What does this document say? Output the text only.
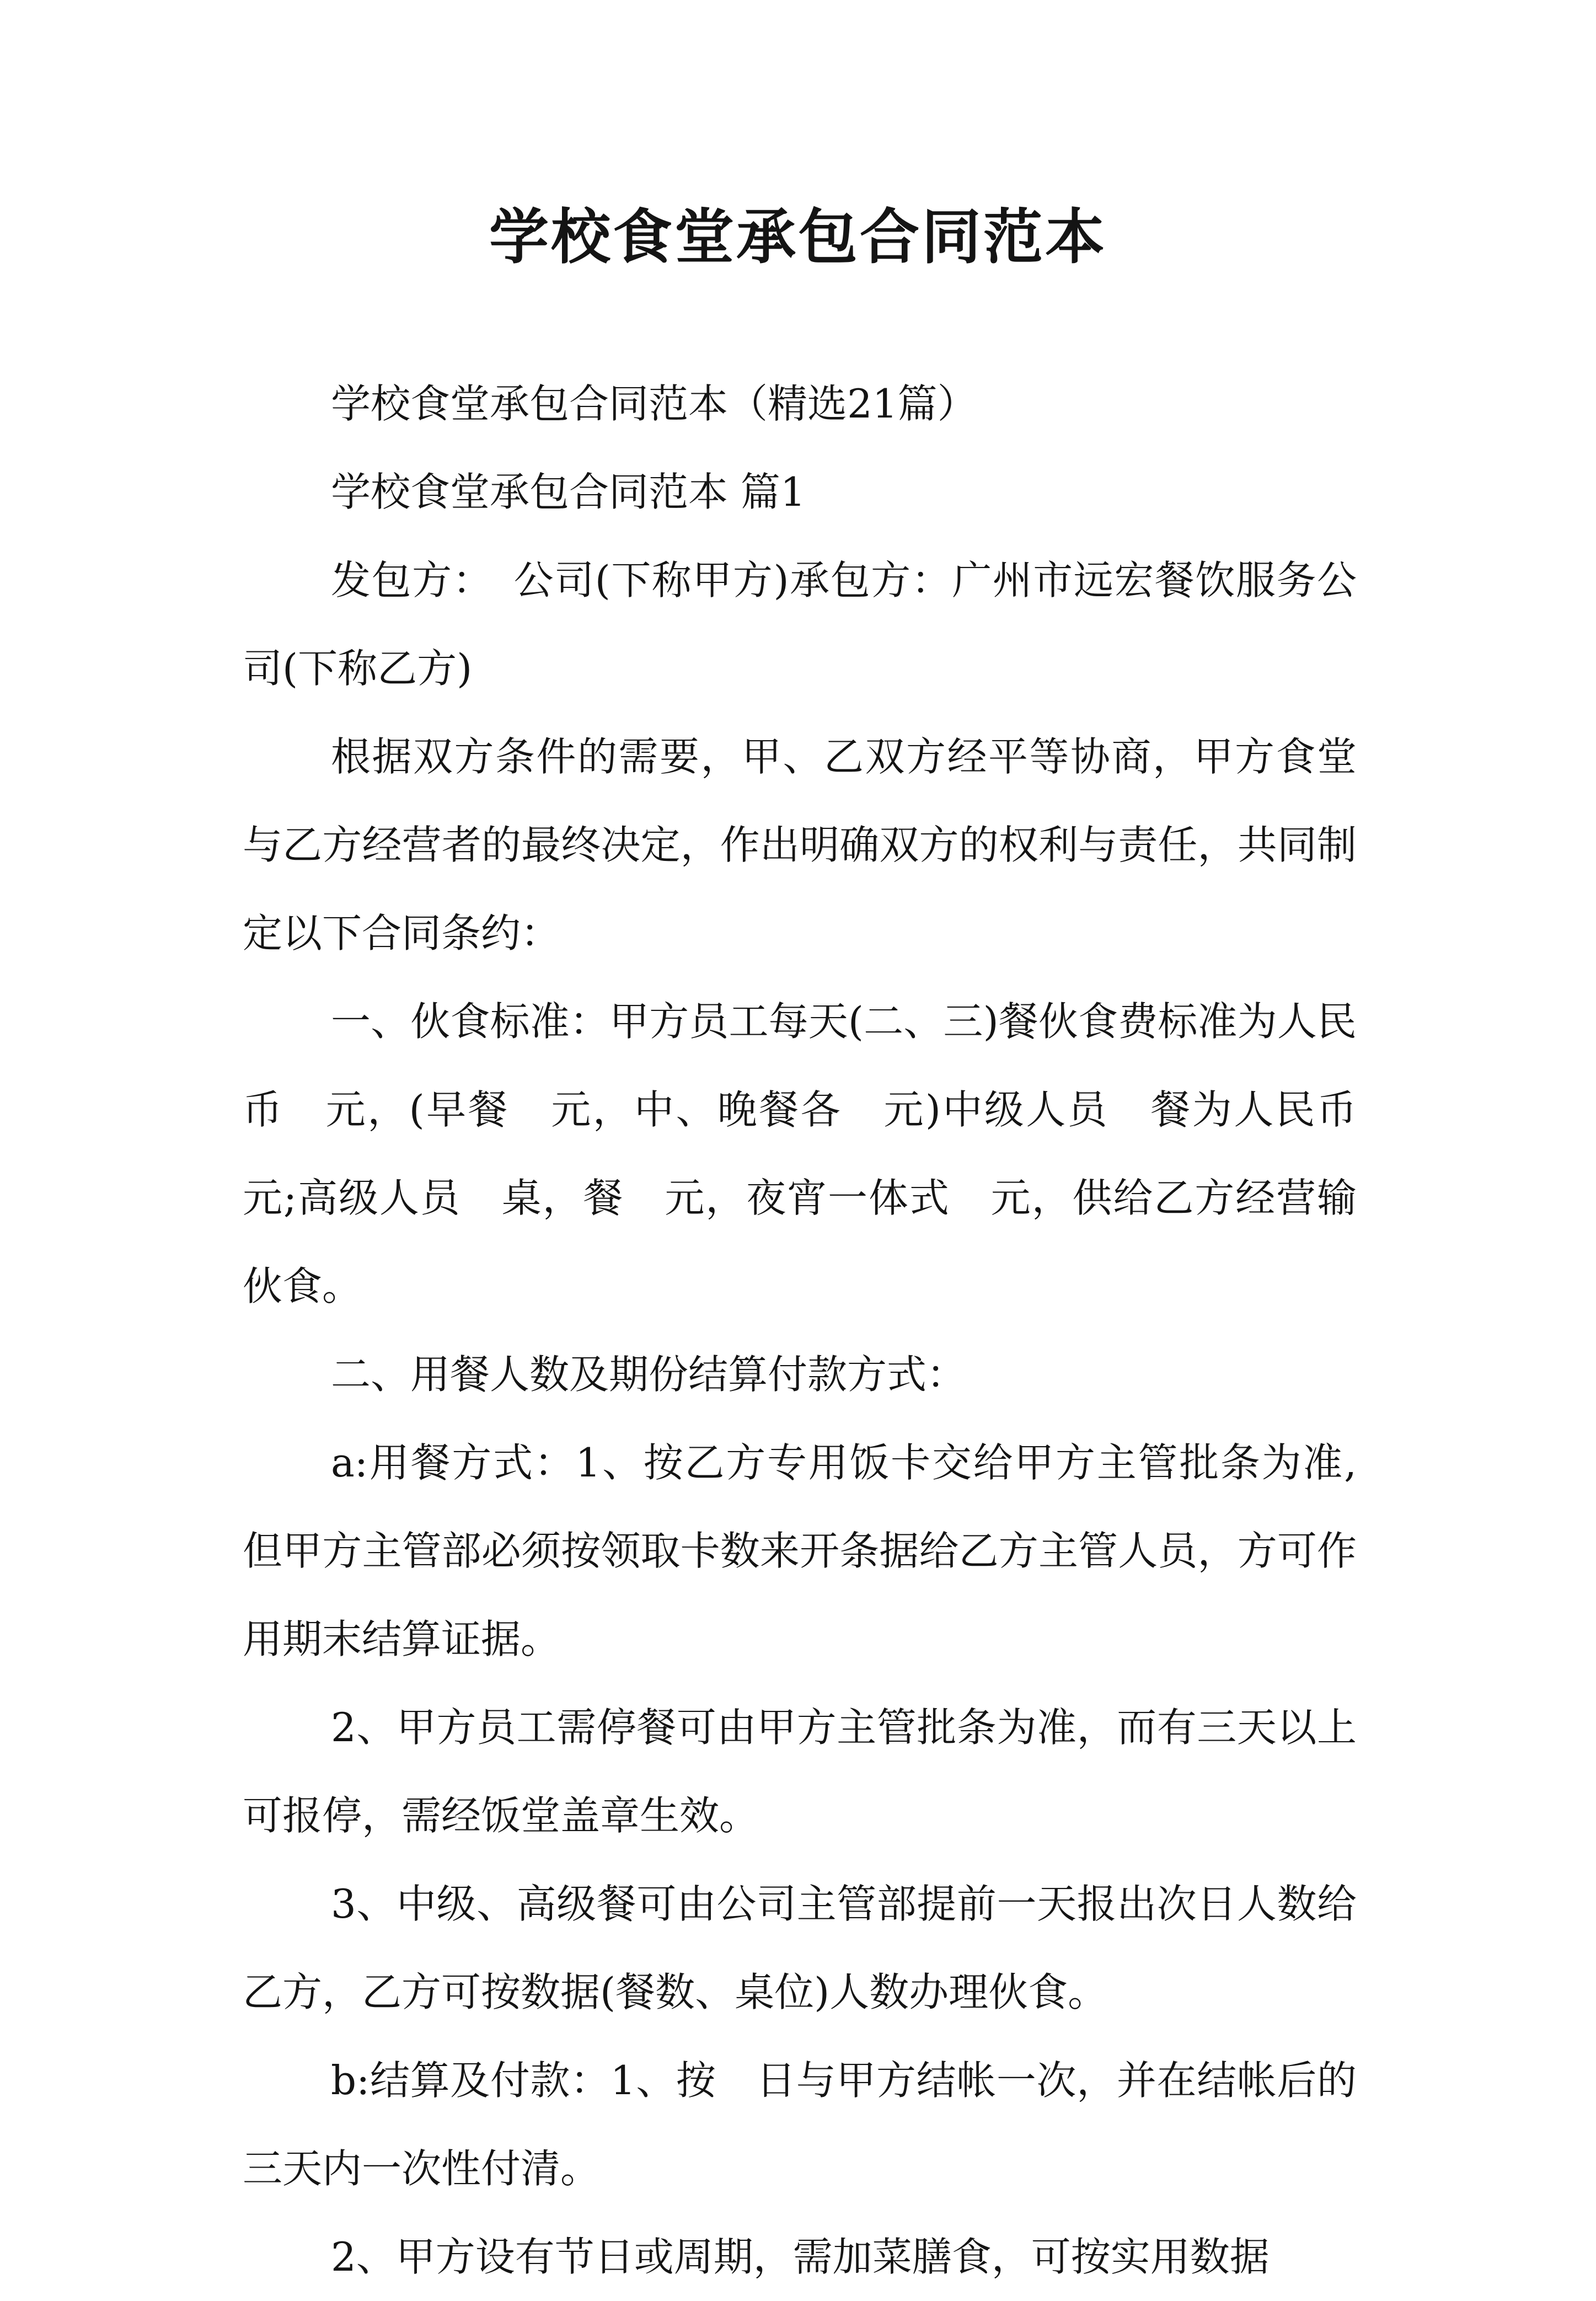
学校食堂承包合同范本

学校食堂承包合同范本（精选21篇）

学校食堂承包合同范本 篇1

发包方：　公司(下称甲方)承包方：广州市远宏餐饮服务公司(下称乙方)

根据双方条件的需要，甲、乙双方经平等协商，甲方食堂与乙方经营者的最终决定，作出明确双方的权利与责任，共同制定以下合同条约：

一、伙食标准：甲方员工每天(二、三)餐伙食费标准为人民币　元，(早餐　元，中、晚餐各　元)中级人员　餐为人民币　元;高级人员　桌，餐　元，夜宵一体式　元，供给乙方经营输伙食。

二、用餐人数及期份结算付款方式：

a:用餐方式：1、按乙方专用饭卡交给甲方主管批条为准,但甲方主管部必须按领取卡数来开条据给乙方主管人员，方可作用期末结算证据。

2、甲方员工需停餐可由甲方主管批条为准，而有三天以上可报停，需经饭堂盖章生效。

3、中级、高级餐可由公司主管部提前一天报出次日人数给乙方，乙方可按数据(餐数、桌位)人数办理伙食。

b:结算及付款：1、按　日与甲方结帐一次，并在结帐后的三天内一次性付清。

2、甲方设有节日或周期，需加菜膳食，可按实用数据
